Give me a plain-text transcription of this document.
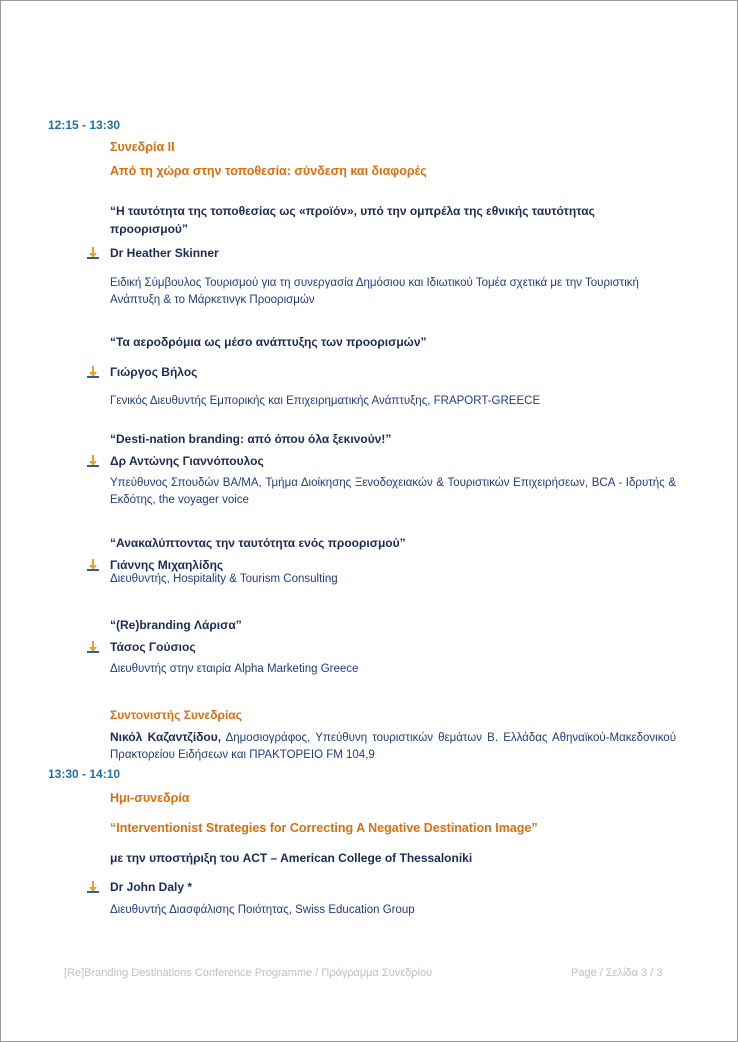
12:15 - 13:30
Συνεδρία ΙΙ
Από τη χώρα στην τοποθεσία: σύνδεση και διαφορές
“Η ταυτότητα της τοποθεσίας ως «προϊόν», υπό την ομπρέλα της εθνικής ταυτότητας προορισμού”
Dr Heather Skinner
Ειδική Σύμβουλος Τουρισμού για τη συνεργασία Δημόσιου και Ιδιωτικού Τομέα σχετικά με την Τουριστική Ανάπτυξη & το Μάρκετινγκ Προορισμών
“Τα αεροδρόμια ως μέσο ανάπτυξης των προορισμών”
Γιώργος Βήλος
Γενικός Διευθυντής Εμπορικής και Επιχειρηματικής Ανάπτυξης, FRAPORT-GREECE
“Desti-nation branding: από όπου όλα ξεκινούν!”
Δρ Αντώνης Γιαννόπουλος
Υπεύθυνος Σπουδών BA/MA, Τμήμα Διοίκησης Ξενοδοχειακών & Τουριστικών Επιχειρήσεων, BCA - Ιδρυτής & Εκδότης, the voyager voice
“Ανακαλύπτοντας την ταυτότητα ενός προορισμού”
Γιάννης Μιχαηλίδης
Διευθυντής, Hospitality & Tourism Consulting
“(Re)branding Λάρισα”
Τάσος Γούσιος
Διευθυντής στην εταιρία Alpha Marketing Greece
Συντονιστής Συνεδρίας
Νικόλ Καζαντζίδου, Δημοσιογράφος, Υπεύθυνη τουριστικών θεμάτων Β. Ελλάδας Αθηναϊκού-Μακεδονικού Πρακτορείου Ειδήσεων και ΠΡΑΚΤΟΡΕΙΟ FM 104,9
13:30 - 14:10
Ημι-συνεδρία
“Interventionist Strategies for Correcting A Negative Destination Image”
με την υποστήριξη του ACT – American College of Thessaloniki
Dr John Daly *
Διευθυντής Διασφάλισης Ποιότητας, Swiss Education Group
[Re]Branding Destinations Conference Programme / Πρόγραμμα Συνεδρίου	Page / Σελίδα 3 / 3
